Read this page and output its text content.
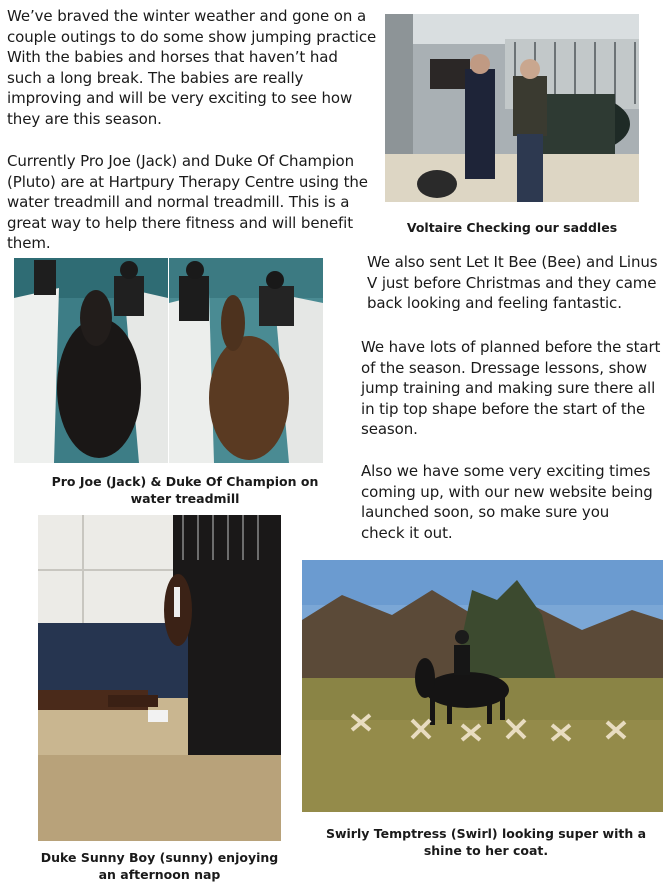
We’ve braved the winter weather and gone on a couple outings to do some show jumping practice With the babies and horses that haven’t had such a long break. The babies are really improving and will be very exciting to see how they are this season.

Currently Pro Joe (Jack) and Duke Of Champion (Pluto) are at Hartpury Therapy Centre using the water treadmill and normal treadmill. This is a great way to help there fitness and will benefit them.

We also sent Let It Bee (Bee) and Linus V just before Christmas and they came back looking and feeling fantastic.

We have lots of planned before the start of the season. Dressage lessons, show jump training and making sure there all in tip top shape before the start of the season.

Also we have some very exciting times coming up, with our new website being launched soon, so make sure you check it out.

Voltaire Checking our saddles

Pro Joe (Jack) & Duke Of Champion on water treadmill

Duke Sunny Boy (sunny) enjoying an afternoon nap

Swirly Temptress (Swirl) looking super with a shine to her coat.
